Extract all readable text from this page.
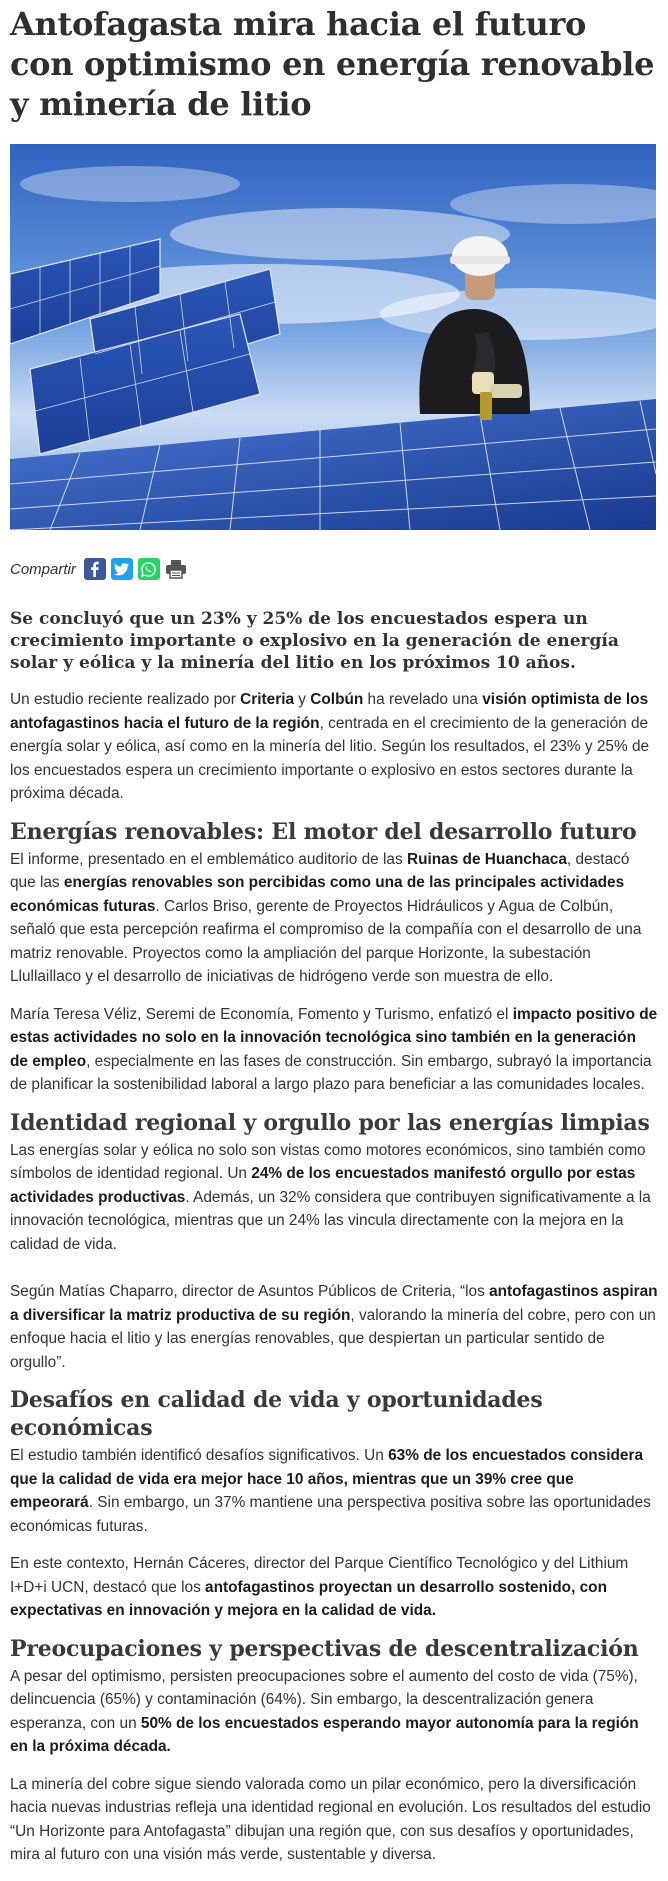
Antofagasta mira hacia el futuro con optimismo en energía renovable y minería de litio
Compartir
Se concluyó que un 23% y 25% de los encuestados espera un crecimiento importante o explosivo en la generación de energía solar y eólica y la minería del litio en los próximos 10 años.

Un estudio reciente realizado por Criteria y Colbún ha revelado una visión optimista de los antofagastinos hacia el futuro de la región, centrada en el crecimiento de la generación de energía solar y eólica, así como en la minería del litio. Según los resultados, el 23% y 25% de los encuestados espera un crecimiento importante o explosivo en estos sectores durante la próxima década.

Energías renovables: El motor del desarrollo futuro

El informe, presentado en el emblemático auditorio de las Ruinas de Huanchaca, destacó que las energías renovables son percibidas como una de las principales actividades económicas futuras. Carlos Briso, gerente de Proyectos Hidráulicos y Agua de Colbún, señaló que esta percepción reafirma el compromiso de la compañía con el desarrollo de una matriz renovable. Proyectos como la ampliación del parque Horizonte, la subestación Llullaillaco y el desarrollo de iniciativas de hidrógeno verde son muestra de ello.

María Teresa Véliz, Seremi de Economía, Fomento y Turismo, enfatizó el impacto positivo de estas actividades no solo en la innovación tecnológica sino también en la generación de empleo, especialmente en las fases de construcción. Sin embargo, subrayó la importancia de planificar la sostenibilidad laboral a largo plazo para beneficiar a las comunidades locales.

Identidad regional y orgullo por las energías limpias

Las energías solar y eólica no solo son vistas como motores económicos, sino también como símbolos de identidad regional. Un 24% de los encuestados manifestó orgullo por estas actividades productivas. Además, un 32% considera que contribuyen significativamente a la innovación tecnológica, mientras que un 24% las vincula directamente con la mejora en la calidad de vida.

Según Matías Chaparro, director de Asuntos Públicos de Criteria, “los antofagastinos aspiran a diversificar la matriz productiva de su región, valorando la minería del cobre, pero con un enfoque hacia el litio y las energías renovables, que despiertan un particular sentido de orgullo”.

Desafíos en calidad de vida y oportunidades económicas

El estudio también identificó desafíos significativos. Un 63% de los encuestados considera que la calidad de vida era mejor hace 10 años, mientras que un 39% cree que empeorará. Sin embargo, un 37% mantiene una perspectiva positiva sobre las oportunidades económicas futuras.

En este contexto, Hernán Cáceres, director del Parque Científico Tecnológico y del Lithium I+D+i UCN, destacó que los antofagastinos proyectan un desarrollo sostenido, con expectativas en innovación y mejora en la calidad de vida.

Preocupaciones y perspectivas de descentralización

A pesar del optimismo, persisten preocupaciones sobre el aumento del costo de vida (75%), delincuencia (65%) y contaminación (64%). Sin embargo, la descentralización genera esperanza, con un 50% de los encuestados esperando mayor autonomía para la región en la próxima década.

La minería del cobre sigue siendo valorada como un pilar económico, pero la diversificación hacia nuevas industrias refleja una identidad regional en evolución. Los resultados del estudio “Un Horizonte para Antofagasta” dibujan una región que, con sus desafíos y oportunidades, mira al futuro con una visión más verde, sustentable y diversa.
